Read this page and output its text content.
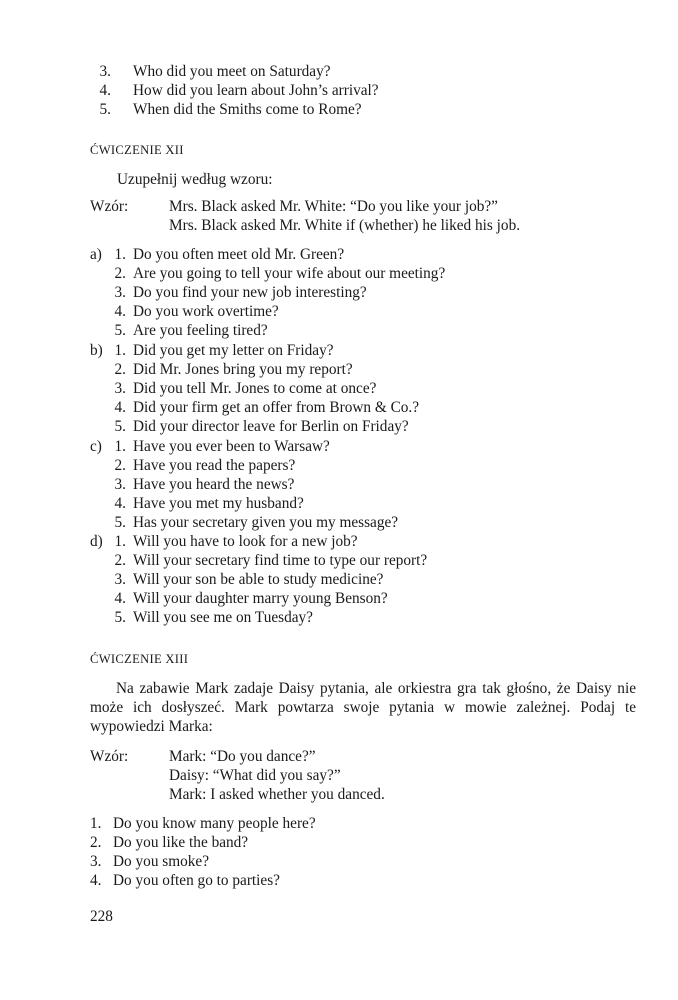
3. Who did you meet on Saturday?
4. How did you learn about John’s arrival?
5. When did the Smiths come to Rome?
ĆWICZENIE XII
Uzupełnij według wzoru:
Wzór:	Mrs. Black asked Mr. White: “Do you like your job?”
Mrs. Black asked Mr. White if (whether) he liked his job.
a) 1. Do you often meet old Mr. Green?
2. Are you going to tell your wife about our meeting?
3. Do you find your new job interesting?
4. Do you work overtime?
5. Are you feeling tired?
b) 1. Did you get my letter on Friday?
2. Did Mr. Jones bring you my report?
3. Did you tell Mr. Jones to come at once?
4. Did your firm get an offer from Brown & Co.?
5. Did your director leave for Berlin on Friday?
c) 1. Have you ever been to Warsaw?
2. Have you read the papers?
3. Have you heard the news?
4. Have you met my husband?
5. Has your secretary given you my message?
d) 1. Will you have to look for a new job?
2. Will your secretary find time to type our report?
3. Will your son be able to study medicine?
4. Will your daughter marry young Benson?
5. Will you see me on Tuesday?
ĆWICZENIE XIII
Na zabawie Mark zadaje Daisy pytania, ale orkiestra gra tak głośno, że Daisy nie może ich dosłyszeć. Mark powtarza swoje pytania w mowie zależnej. Podaj te wypowiedzi Marka:
Wzór:	Mark: “Do you dance?”
Daisy: “What did you say?”
Mark: I asked whether you danced.
1. Do you know many people here?
2. Do you like the band?
3. Do you smoke?
4. Do you often go to parties?
228
